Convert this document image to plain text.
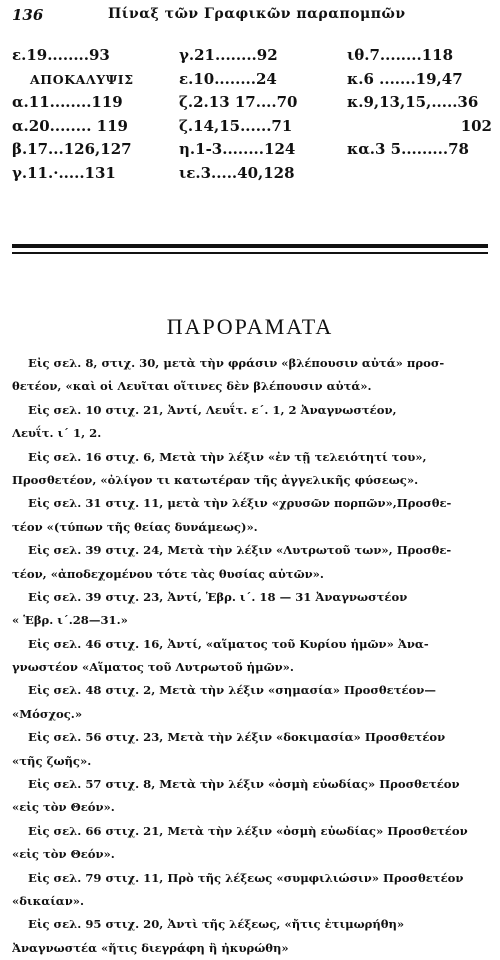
136	Πίναξ τῶν Γραφικῶν παραπομπῶν
ε.19........93
ΑΠΟΚΑΛΥΨΙΣ
α.11........119
α.20........ 119
β.17...126,127
γ.11.·.....131
γ.21........92
ε.10........24
ζ.2.13 17....70
ζ.14,15......71
η.1-3........124
ιε.3.....40,128
ιθ.7........118
κ.6 .......19,47
κ.9,13,15,.....36
102
κα.3 5.........78
ΠΑΡΟΡΑΜΑΤΑ
Εἰς σελ. 8, στιχ. 30, μετὰ τὴν φράσιν «βλέπουσιν αὐτά» προσ-
θετέον, «καὶ οἱ Λευῖται οἵτινες δὲν βλέπουσιν αὐτά».
Εἰς σελ. 10 στιχ. 21, Ἀντί, Λευΐτ. ε΄. 1, 2 Ἀναγνωστέον,
Λευΐτ. ι΄ 1, 2.
Εἰς σελ. 16 στιχ. 6, Μετὰ τὴν λέξιν «ἐν τῇ τελειότητί του»,
Προσθετέον, «ὀλίγον τι κατωτέραν τῆς ἀγγελικῆς φύσεως».
Εἰς σελ. 31 στιχ. 11, μετὰ τὴν λέξιν «χρυσῶν πορπῶν»,Προσθε-
τέον «(τύπων τῆς θείας δυνάμεως)».
Εἰς σελ. 39 στιχ. 24, Μετὰ τὴν λέξιν «Λυτρωτοῦ των», Προσθε-
τέον, «ἀποδεχομένου τότε τὰς θυσίας αὐτῶν».
Εἰς σελ. 39 στιχ. 23, Ἀντί, Ἑβρ. ι΄. 18 — 31 Ἀναγνωστέον
« Ἑβρ. ι΄.28—31.»
Εἰς σελ. 46 στιχ. 16, Ἀντί, «αἵματος τοῦ Κυρίου ἡμῶν» Ἀνα-
γνωστέον «Αἵματος τοῦ Λυτρωτοῦ ἡμῶν».
Εἰς σελ. 48 στιχ. 2, Μετὰ τὴν λέξιν «σημασία» Προσθετέον—
«Μόσχος.»
Εἰς σελ. 56 στιχ. 23, Μετὰ τὴν λέξιν «δοκιμασία» Προσθετέον
«τῆς ζωῆς».
Εἰς σελ. 57 στιχ. 8, Μετὰ τὴν λέξιν «ὀσμὴ εὐωδίας» Προσθετέον
«εἰς τὸν Θεόν».
Εἰς σελ. 66 στιχ. 21, Μετὰ τὴν λέξιν «ὀσμὴ εὐωδίας» Προσθετέον
«εἰς τὸν Θεόν».
Εἰς σελ. 79 στιχ. 11, Πρὸ τῆς λέξεως «συμφιλιώσιν» Προσθετέον
«δικαίαν».
Εἰς σελ. 95 στιχ. 20, Ἀντὶ τῆς λέξεως, «ἤτις ἐτιμωρήθη»
Ἀναγνωστέα «ἥτις διεγράφη ἢ ἠκυρώθη»
